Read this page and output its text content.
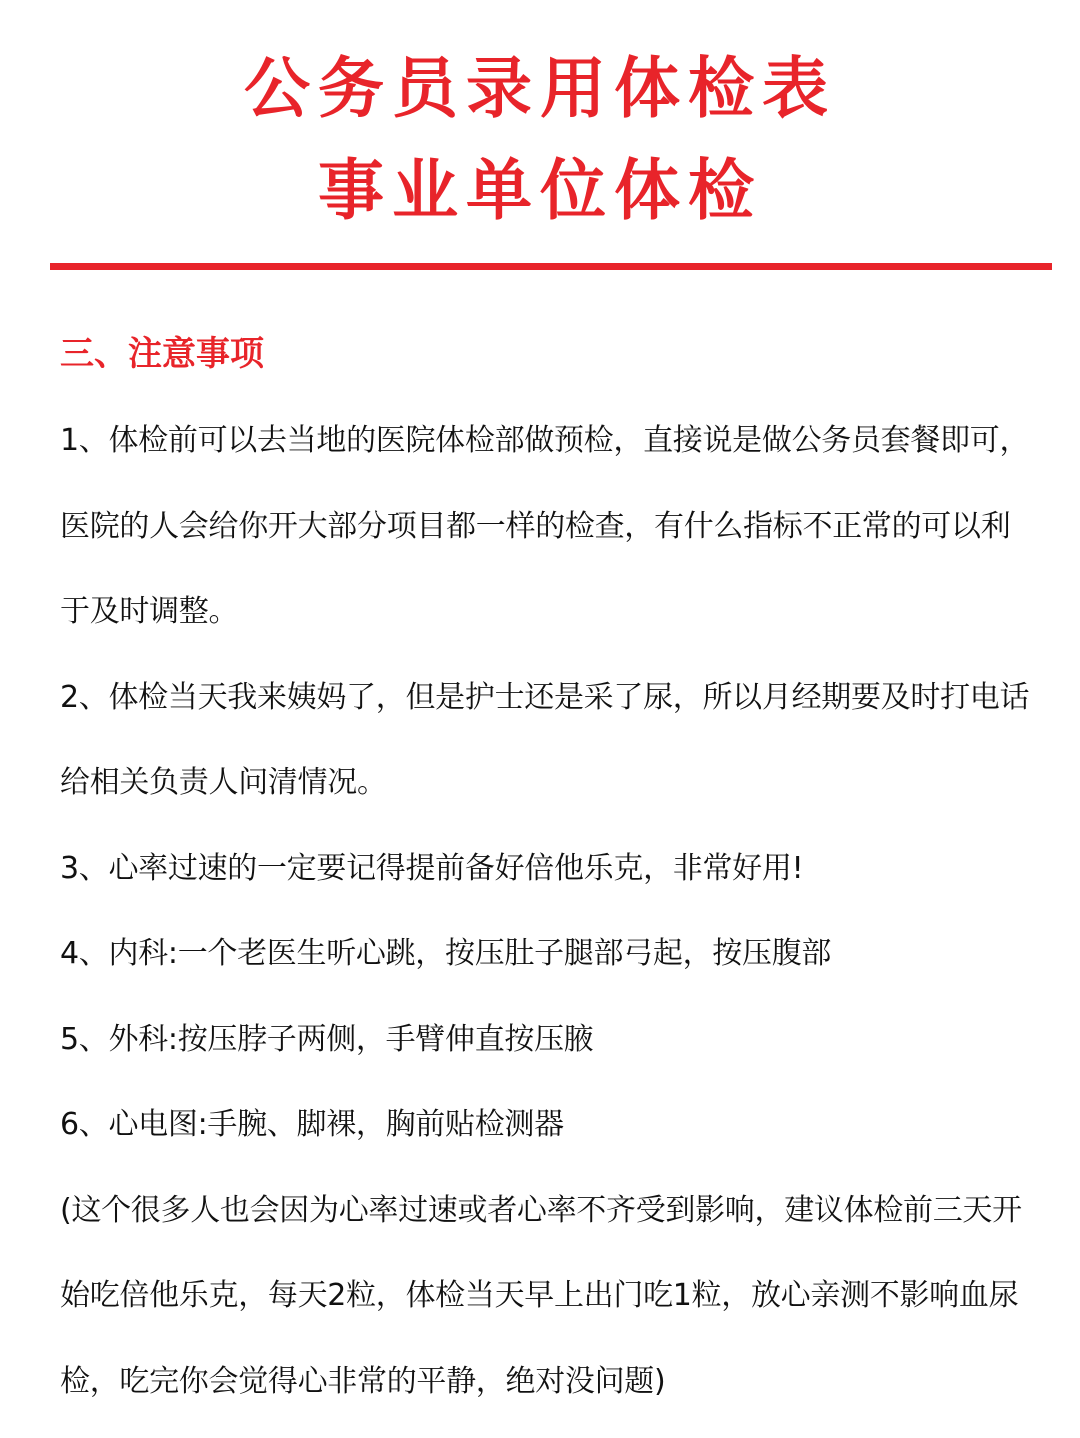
公务员录用体检表
事业单位体检
三、注意事项

1、体检前可以去当地的医院体检部做预检，直接说是做公务员套餐即可，医院的人会给你开大部分项目都一样的检查，有什么指标不正常的可以利于及时调整。

2、体检当天我来姨妈了，但是护士还是采了尿，所以月经期要及时打电话给相关负责人问清情况。

3、心率过速的一定要记得提前备好倍他乐克，非常好用!

4、内科:一个老医生听心跳，按压肚子腿部弓起，按压腹部

5、外科:按压脖子两侧，手臂伸直按压腋

6、心电图:手腕、脚裸，胸前贴检测器

(这个很多人也会因为心率过速或者心率不齐受到影响，建议体检前三天开始吃倍他乐克，每天2粒，体检当天早上出门吃1粒，放心亲测不影响血尿检，吃完你会觉得心非常的平静，绝对没问题)
